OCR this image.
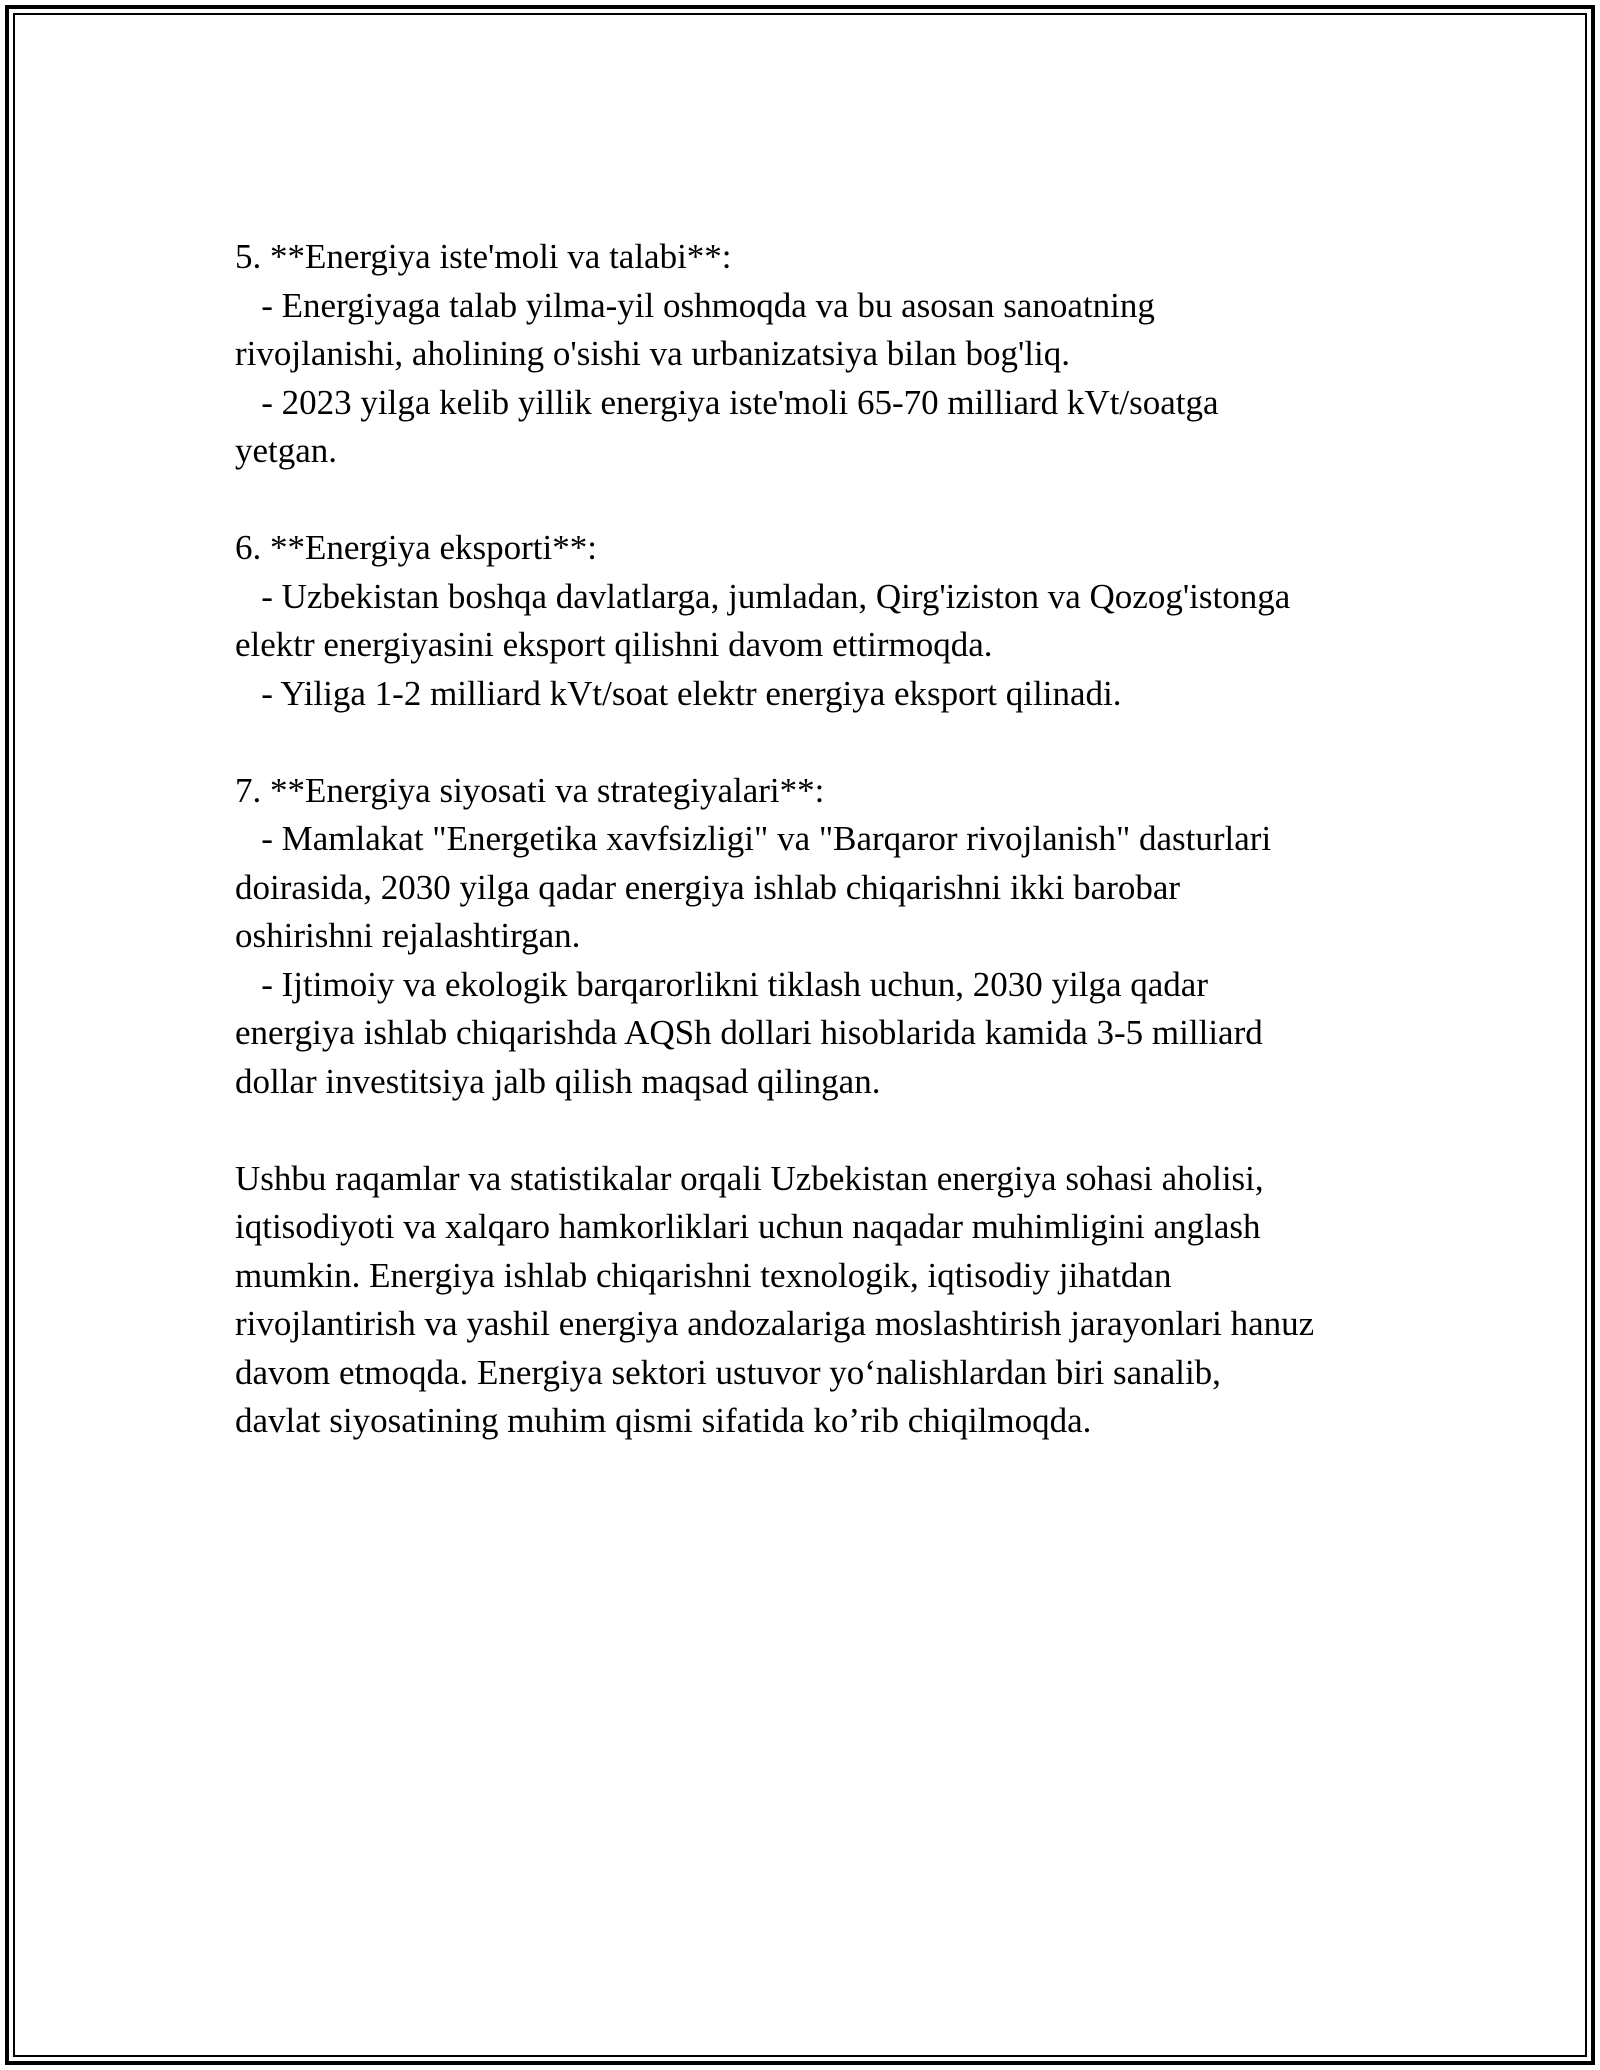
5. **Energiya iste'moli va talabi**:
- Energiyaga talab yilma-yil oshmoqda va bu asosan sanoatning
rivojlanishi, aholining o'sishi va urbanizatsiya bilan bog'liq.
- 2023 yilga kelib yillik energiya iste'moli 65-70 milliard kVt/soatga
yetgan.
6. **Energiya eksporti**:
- Uzbekistan boshqa davlatlarga, jumladan, Qirg'iziston va Qozog'istonga
elektr energiyasini eksport qilishni davom ettirmoqda.
- Yiliga 1-2 milliard kVt/soat elektr energiya eksport qilinadi.
7. **Energiya siyosati va strategiyalari**:
- Mamlakat "Energetika xavfsizligi" va "Barqaror rivojlanish" dasturlari
doirasida, 2030 yilga qadar energiya ishlab chiqarishni ikki barobar
oshirishni rejalashtirgan.
- Ijtimoiy va ekologik barqarorlikni tiklash uchun, 2030 yilga qadar
energiya ishlab chiqarishda AQSh dollari hisoblarida kamida 3-5 milliard
dollar investitsiya jalb qilish maqsad qilingan.
Ushbu raqamlar va statistikalar orqali Uzbekistan energiya sohasi aholisi,
iqtisodiyoti va xalqaro hamkorliklari uchun naqadar muhimligini anglash
mumkin. Energiya ishlab chiqarishni texnologik, iqtisodiy jihatdan
rivojlantirish va yashil energiya andozalariga moslashtirish jarayonlari hanuz
davom etmoqda. Energiya sektori ustuvor yo‘nalishlardan biri sanalib,
davlat siyosatining muhim qismi sifatida ko’rib chiqilmoqda.
